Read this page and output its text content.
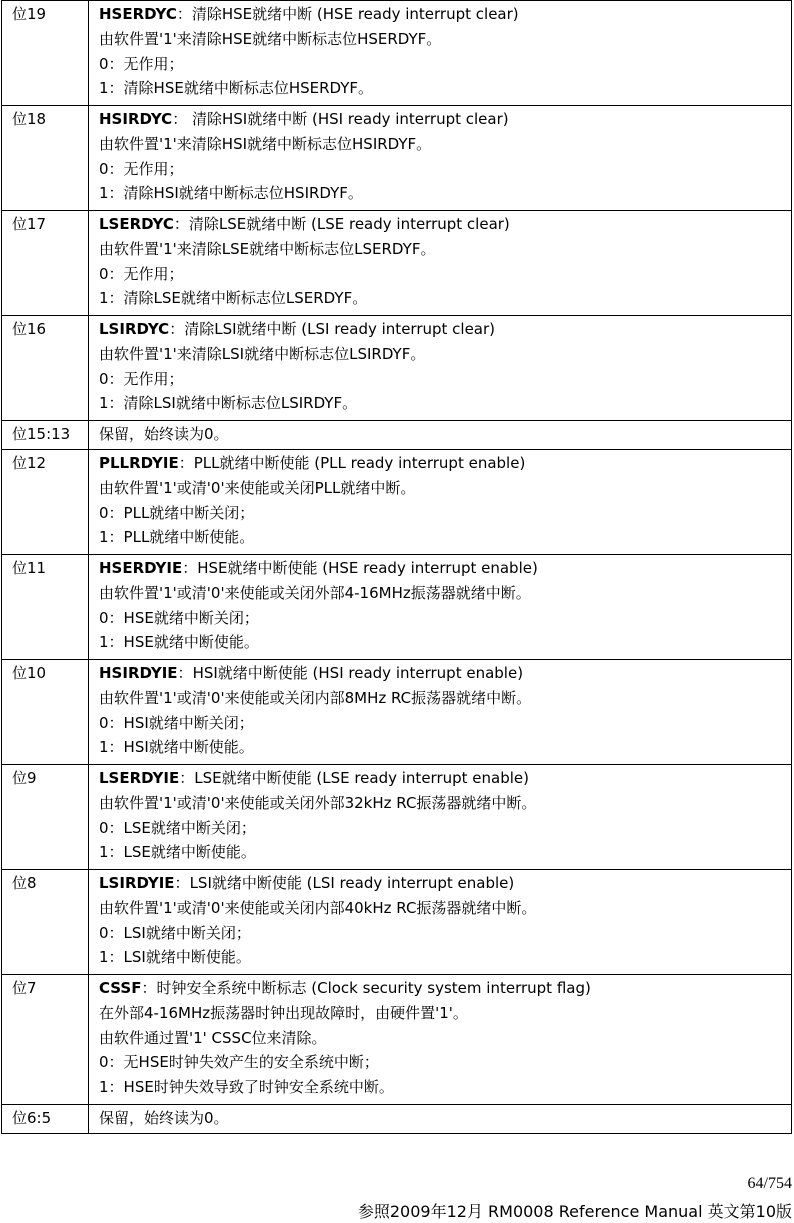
位19	HSERDYC：清除HSE就绪中断 (HSE ready interrupt clear)
由软件置'1'来清除HSE就绪中断标志位HSERDYF。
0：无作用；
1：清除HSE就绪中断标志位HSERDYF。

位18	HSIRDYC： 清除HSI就绪中断 (HSI ready interrupt clear)
由软件置'1'来清除HSI就绪中断标志位HSIRDYF。
0：无作用；
1：清除HSI就绪中断标志位HSIRDYF。

位17	LSERDYC：清除LSE就绪中断 (LSE ready interrupt clear)
由软件置'1'来清除LSE就绪中断标志位LSERDYF。
0：无作用；
1：清除LSE就绪中断标志位LSERDYF。

位16	LSIRDYC：清除LSI就绪中断 (LSI ready interrupt clear)
由软件置'1'来清除LSI就绪中断标志位LSIRDYF。
0：无作用；
1：清除LSI就绪中断标志位LSIRDYF。

位15:13	保留，始终读为0。

位12	PLLRDYIE：PLL就绪中断使能 (PLL ready interrupt enable)
由软件置'1'或清'0'来使能或关闭PLL就绪中断。
0：PLL就绪中断关闭；
1：PLL就绪中断使能。

位11	HSERDYIE：HSE就绪中断使能 (HSE ready interrupt enable)
由软件置'1'或清'0'来使能或关闭外部4-16MHz振荡器就绪中断。
0：HSE就绪中断关闭；
1：HSE就绪中断使能。

位10	HSIRDYIE：HSI就绪中断使能 (HSI ready interrupt enable)
由软件置'1'或清'0'来使能或关闭内部8MHz RC振荡器就绪中断。
0：HSI就绪中断关闭；
1：HSI就绪中断使能。

位9	LSERDYIE：LSE就绪中断使能 (LSE ready interrupt enable)
由软件置'1'或清'0'来使能或关闭外部32kHz RC振荡器就绪中断。
0：LSE就绪中断关闭；
1：LSE就绪中断使能。

位8	LSIRDYIE：LSI就绪中断使能 (LSI ready interrupt enable)
由软件置'1'或清'0'来使能或关闭内部40kHz RC振荡器就绪中断。
0：LSI就绪中断关闭；
1：LSI就绪中断使能。

位7	CSSF：时钟安全系统中断标志 (Clock security system interrupt flag)
在外部4-16MHz振荡器时钟出现故障时，由硬件置'1'。
由软件通过置'1' CSSC位来清除。
0：无HSE时钟失效产生的安全系统中断；
1：HSE时钟失效导致了时钟安全系统中断。

位6:5	保留，始终读为0。
64/754
参照2009年12月 RM0008 Reference Manual 英文第10版
